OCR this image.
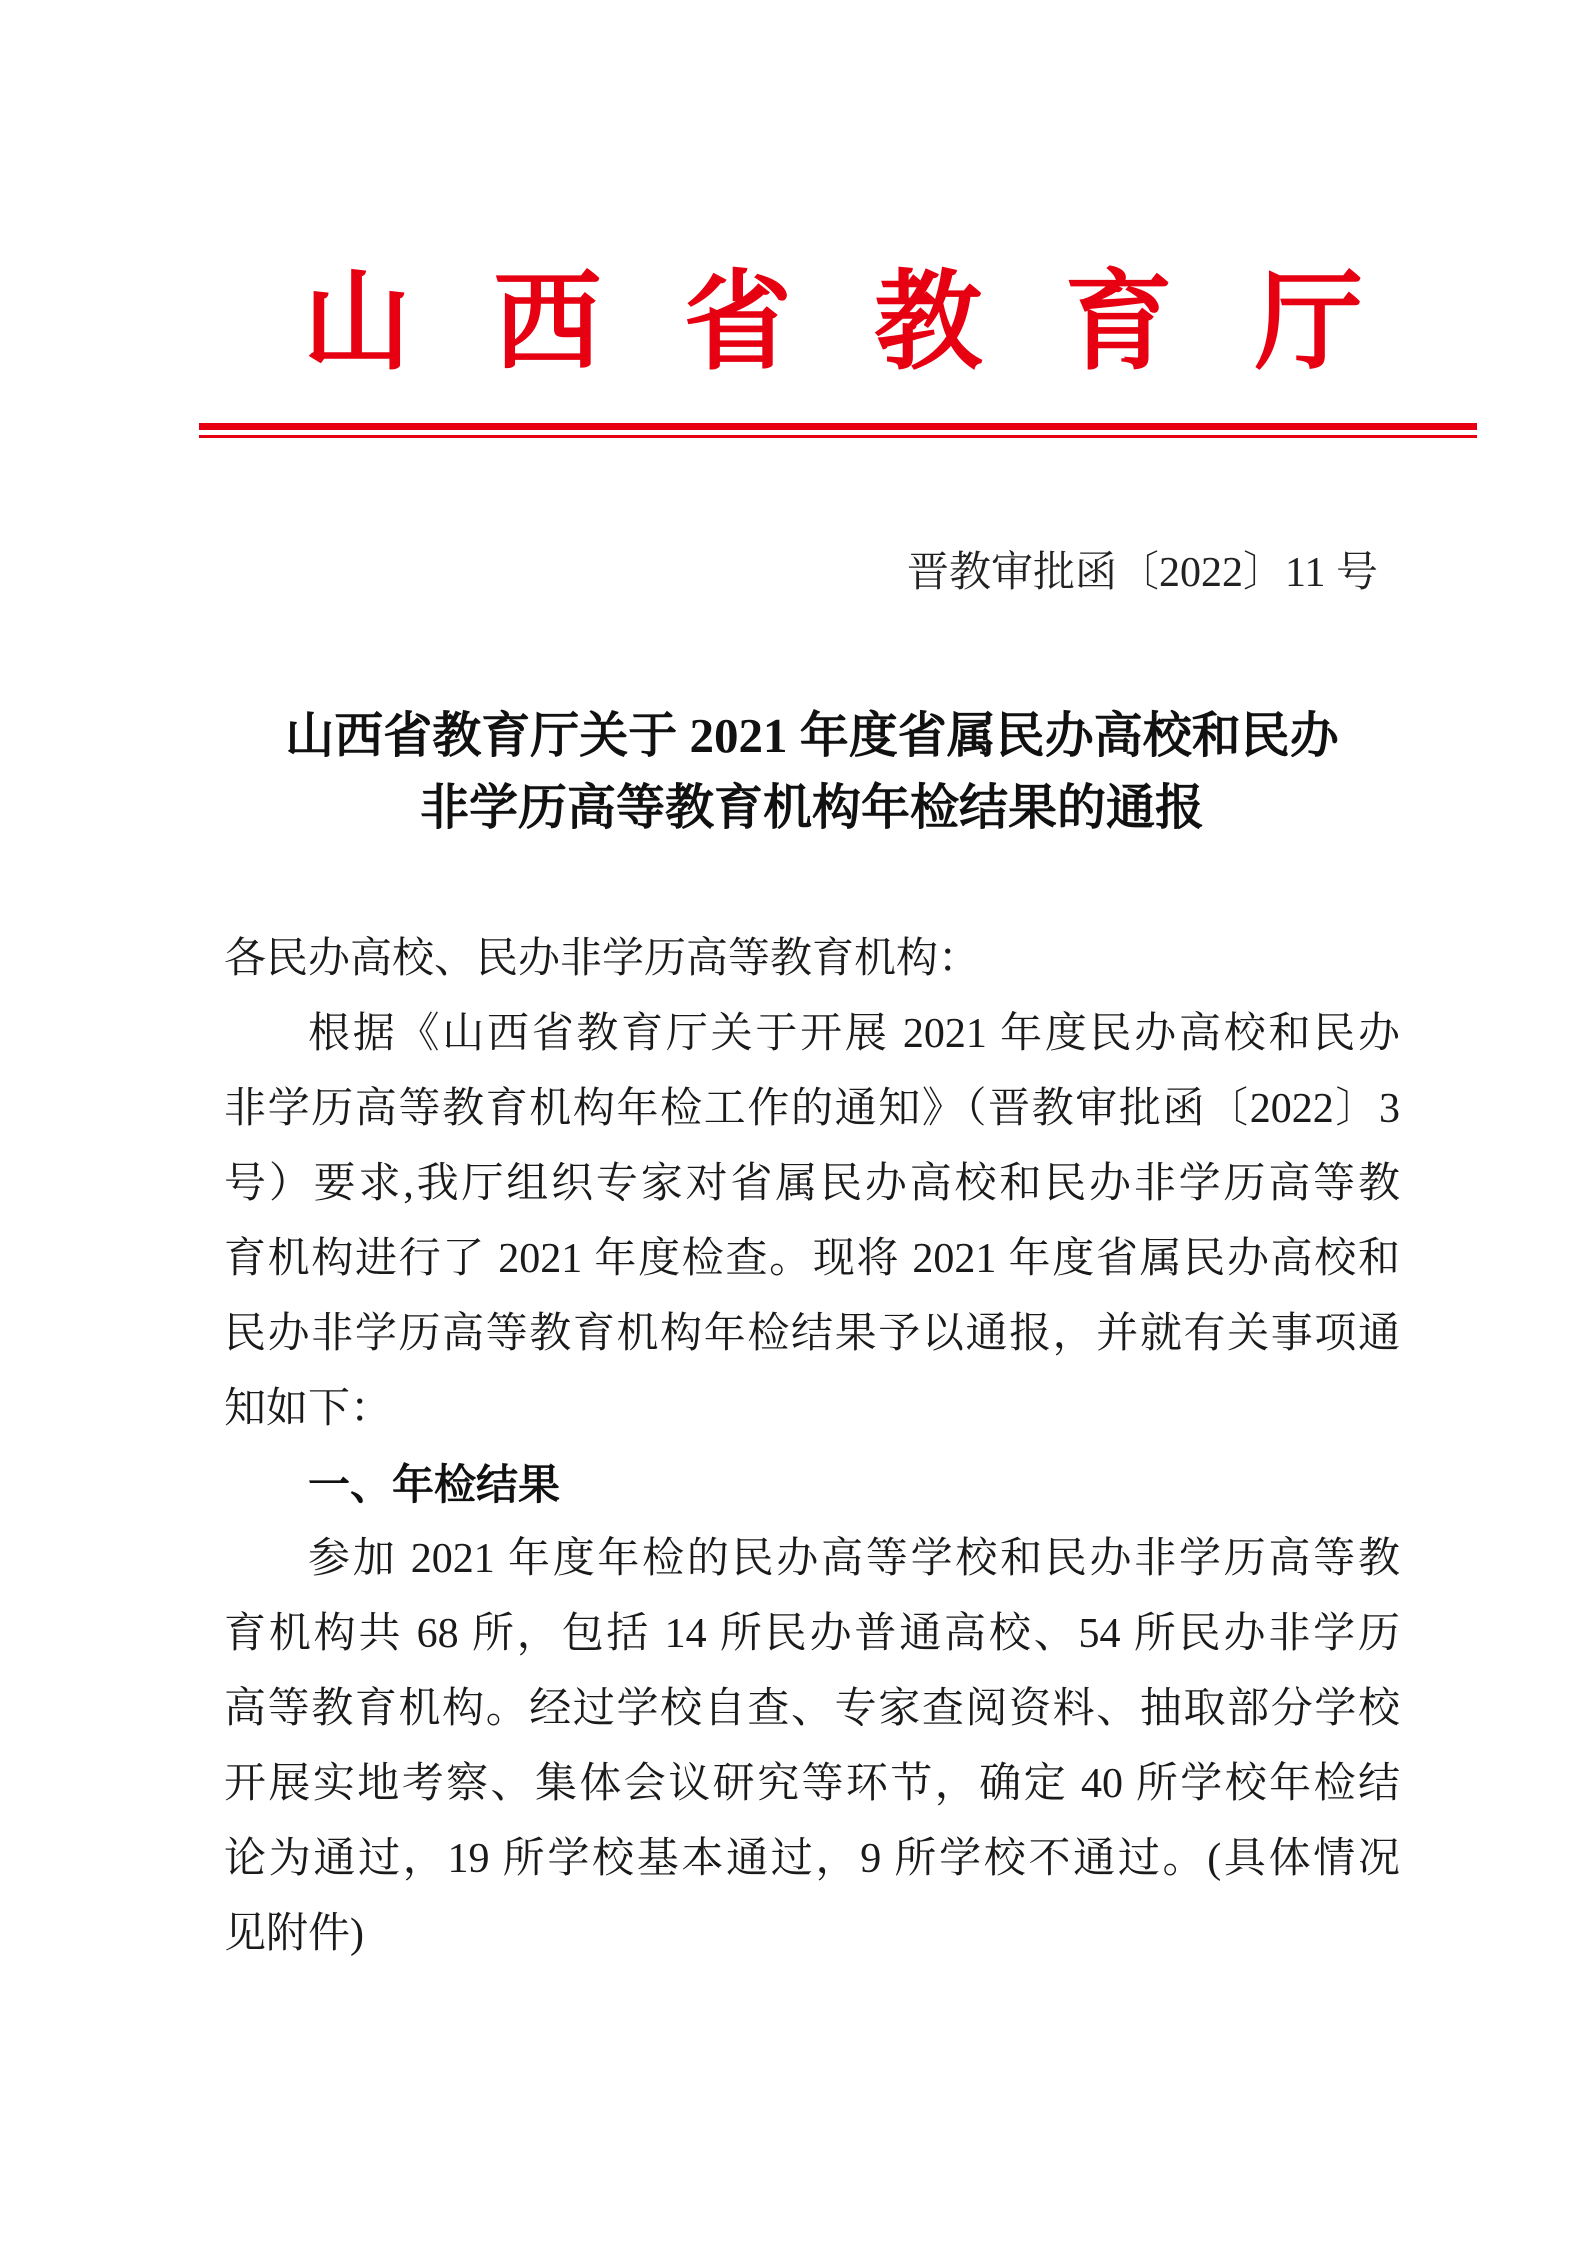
山西省教育厅
晋教审批函〔2022〕11 号
山西省教育厅关于 2021 年度省属民办高校和民办
非学历高等教育机构年检结果的通报
各民办高校、民办非学历高等教育机构：
根据《山西省教育厅关于开展 2021 年度民办高校和民办
非学历高等教育机构年检工作的通知》（晋教审批函〔2022〕3
号）要求,我厅组织专家对省属民办高校和民办非学历高等教
育机构进行了 2021 年度检查。现将 2021 年度省属民办高校和
民办非学历高等教育机构年检结果予以通报，并就有关事项通
知如下：
一、年检结果
参加 2021 年度年检的民办高等学校和民办非学历高等教
育机构共 68 所，包括 14 所民办普通高校、54 所民办非学历
高等教育机构。经过学校自查、专家查阅资料、抽取部分学校
开展实地考察、集体会议研究等环节，确定 40 所学校年检结
论为通过，19 所学校基本通过，9 所学校不通过。(具体情况
见附件)
